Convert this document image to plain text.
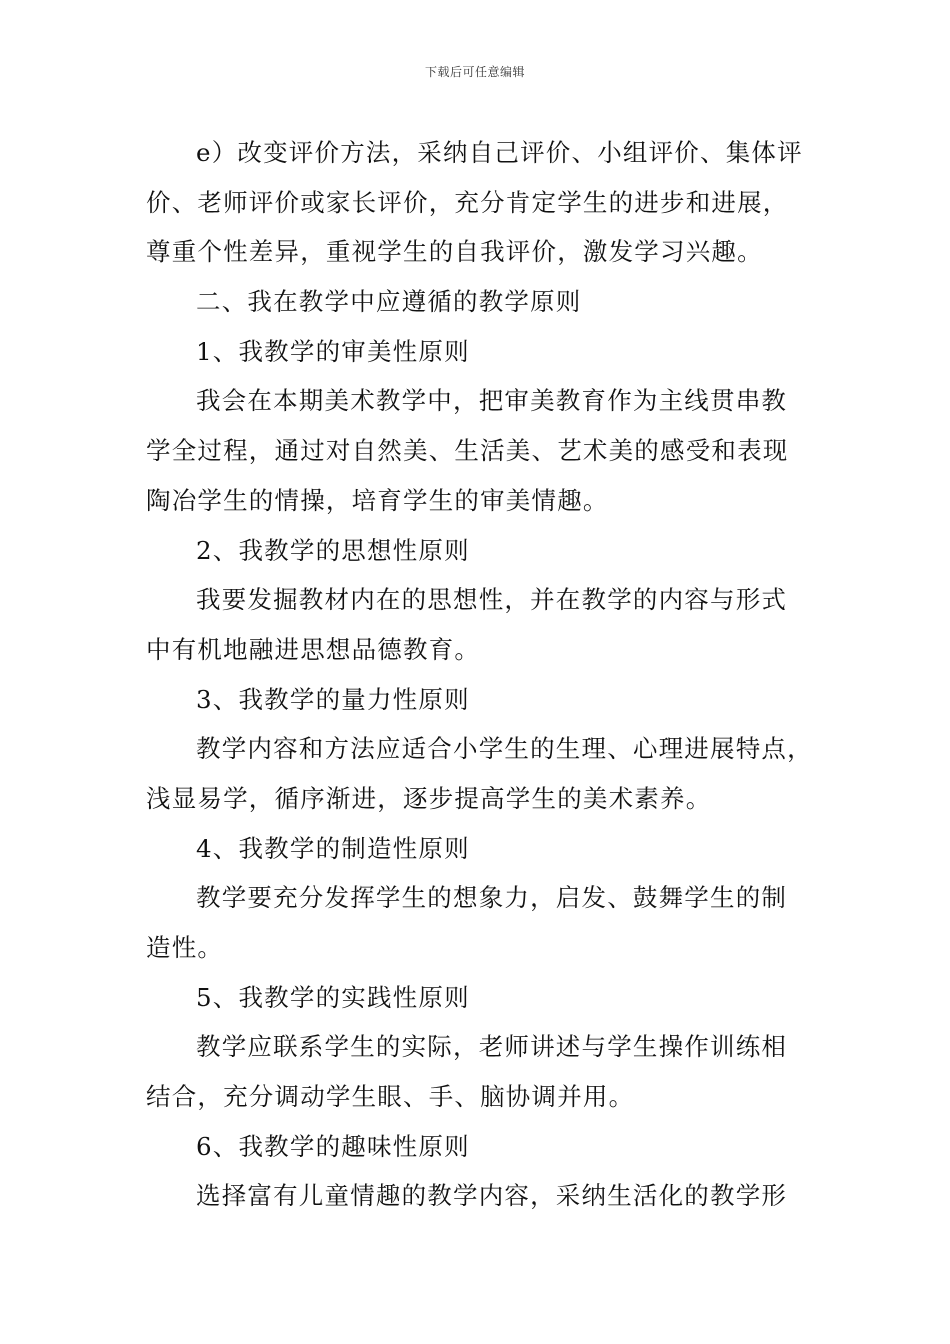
下载后可任意编辑
e）改变评价方法，采纳自己评价、小组评价、集体评
价、老师评价或家长评价，充分肯定学生的进步和进展，
尊重个性差异，重视学生的自我评价，激发学习兴趣。
二、我在教学中应遵循的教学原则
1、我教学的审美性原则
我会在本期美术教学中，把审美教育作为主线贯串教
学全过程，通过对自然美、生活美、艺术美的感受和表现
陶冶学生的情操，培育学生的审美情趣。
2、我教学的思想性原则
我要发掘教材内在的思想性，并在教学的内容与形式
中有机地融进思想品德教育。
3、我教学的量力性原则
教学内容和方法应适合小学生的生理、心理进展特点，
浅显易学，循序渐进，逐步提高学生的美术素养。
4、我教学的制造性原则
教学要充分发挥学生的想象力，启发、鼓舞学生的制
造性。
5、我教学的实践性原则
教学应联系学生的实际，老师讲述与学生操作训练相
结合，充分调动学生眼、手、脑协调并用。
6、我教学的趣味性原则
选择富有儿童情趣的教学内容，采纳生活化的教学形
